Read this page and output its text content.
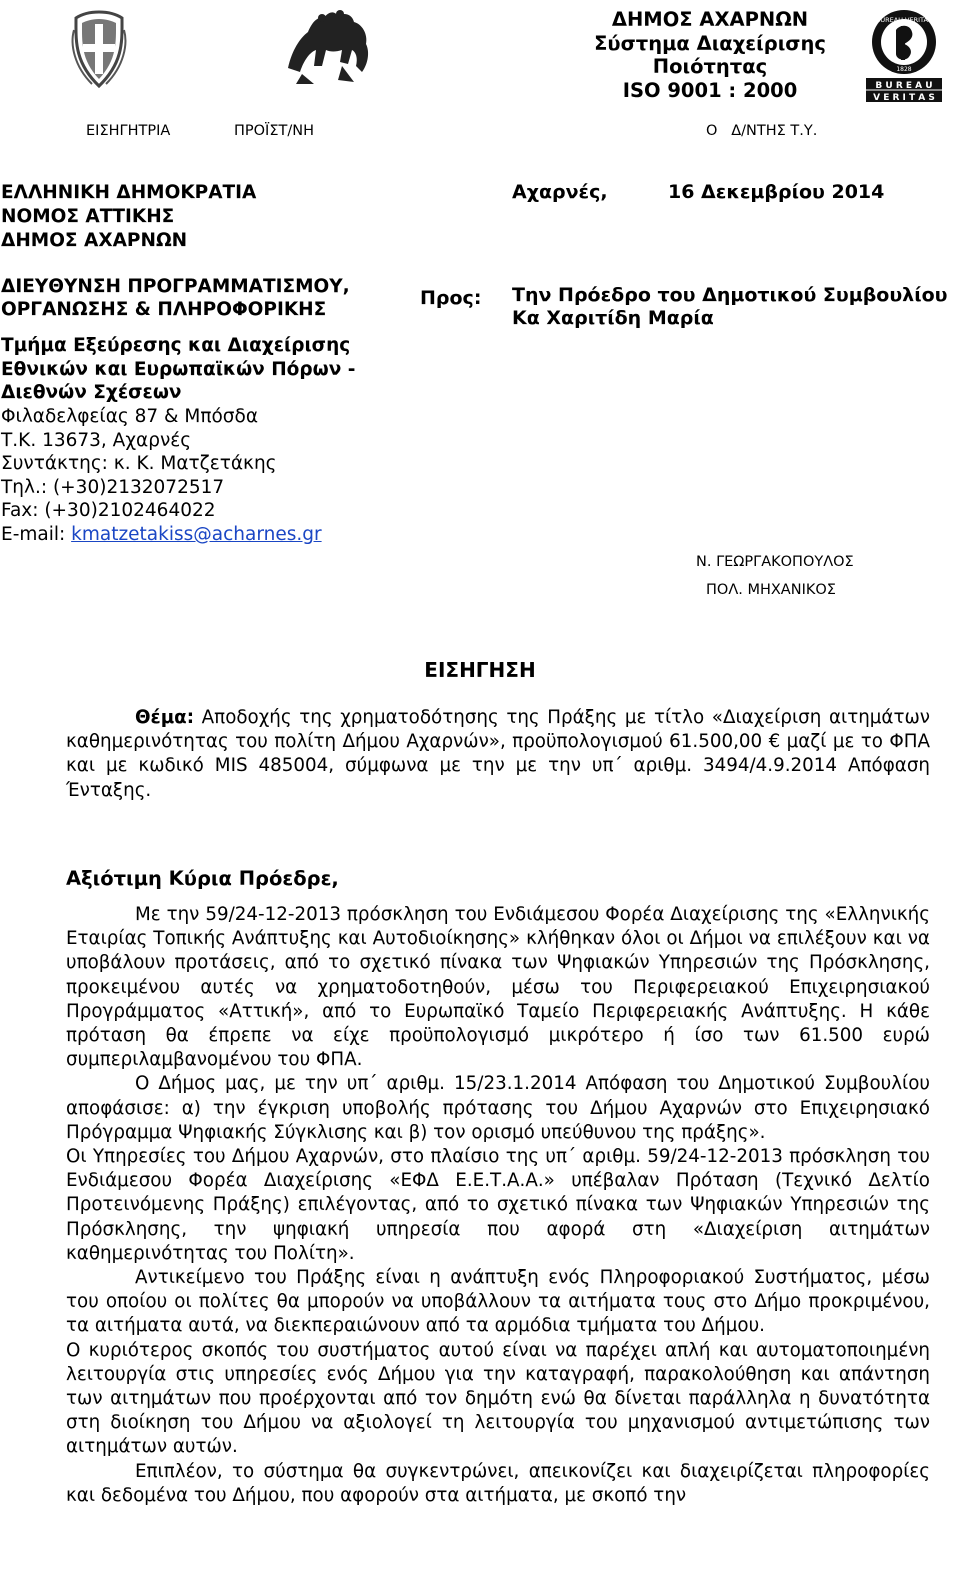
ΔΗΜΟΣ ΑΧΑΡΝΩΝ
Σύστημα Διαχείρισης
Ποιότητας
ISO 9001 : 2000
BUREAU VERITAS
1828
B U R E A U
V E R I T A S
ΕΙΣΗΓΗΤΡΙΑ	ΠΡΟΪΣΤ/ΝΗ	Ο   Δ/ΝΤΗΣ Τ.Υ.
ΕΛΛΗΝΙΚΗ ΔΗΜΟΚΡΑΤΙΑ
ΝΟΜΟΣ ΑΤΤΙΚΗΣ
ΔΗΜΟΣ ΑΧΑΡΝΩΝ
ΔΙΕΥΘΥΝΣΗ ΠΡΟΓΡΑΜΜΑΤΙΣΜΟΥ,
ΟΡΓΑΝΩΣΗΣ & ΠΛΗΡΟΦΟΡΙΚΗΣ
Τμήμα Εξεύρεσης και Διαχείρισης
Εθνικών και Ευρωπαϊκών Πόρων -
Διεθνών Σχέσεων
Φιλαδελφείας 87 & Μπόσδα
Τ.Κ. 13673, Αχαρνές
Συντάκτης: κ. Κ. Ματζετάκης
Τηλ.: (+30)2132072517
Fax: (+30)2102464022
E-mail: kmatzetakiss@acharnes.gr
Αχαρνές,	16 Δεκεμβρίου 2014
Προς: Την Πρόεδρο του Δημοτικού Συμβουλίου
Κα Χαριτίδη Μαρία
Ν. ΓΕΩΡΓΑΚΟΠΟΥΛΟΣ
ΠΟΛ. ΜΗΧΑΝΙΚΟΣ
ΕΙΣΗΓΗΣΗ

Θέμα: Αποδοχής της χρηματοδότησης της Πράξης με τίτλο «Διαχείριση αιτημάτων καθημερινότητας του πολίτη Δήμου Αχαρνών», προϋπολογισμού 61.500,00 € μαζί με το ΦΠΑ και με κωδικό MIS 485004, σύμφωνα με την με την υπ΄ αριθμ. 3494/4.9.2014 Απόφαση Ένταξης.

Αξιότιμη Κύρια Πρόεδρε,

Με την 59/24-12-2013 πρόσκληση του Ενδιάμεσου Φορέα Διαχείρισης της «Ελληνικής Εταιρίας Τοπικής Ανάπτυξης και Αυτοδιοίκησης» κλήθηκαν όλοι οι Δήμοι να επιλέξουν και να υποβάλουν προτάσεις, από το σχετικό πίνακα των Ψηφιακών Υπηρεσιών της Πρόσκλησης, προκειμένου αυτές να χρηματοδοτηθούν, μέσω του Περιφερειακού Επιχειρησιακού Προγράμματος «Αττική», από το Ευρωπαϊκό Ταμείο Περιφερειακής Ανάπτυξης. Η κάθε πρόταση θα έπρεπε να είχε προϋπολογισμό μικρότερο ή ίσο των 61.500 ευρώ συμπεριλαμβανομένου του ΦΠΑ.

Ο Δήμος μας, με την υπ΄ αριθμ. 15/23.1.2014 Απόφαση του Δημοτικού Συμβουλίου αποφάσισε: α) την έγκριση υποβολής πρότασης του Δήμου Αχαρνών στο Επιχειρησιακό Πρόγραμμα Ψηφιακής Σύγκλισης και β) τον ορισμό υπεύθυνου της πράξης».

Οι Υπηρεσίες του Δήμου Αχαρνών, στο πλαίσιο της υπ΄ αριθμ. 59/24-12-2013 πρόσκληση του Ενδιάμεσου Φορέα Διαχείρισης «ΕΦΔ Ε.Ε.Τ.Α.Α.» υπέβαλαν Πρόταση (Τεχνικό Δελτίο Προτεινόμενης Πράξης) επιλέγοντας, από το σχετικό πίνακα των Ψηφιακών Υπηρεσιών της Πρόσκλησης, την ψηφιακή υπηρεσία που αφορά στη «Διαχείριση αιτημάτων καθημερινότητας του Πολίτη».

Αντικείμενο του Πράξης είναι η ανάπτυξη ενός Πληροφοριακού Συστήματος, μέσω του οποίου οι πολίτες θα μπορούν να υποβάλλουν τα αιτήματα τους στο Δήμο προκριμένου, τα αιτήματα αυτά, να διεκπεραιώνουν από τα αρμόδια τμήματα του Δήμου.

Ο κυριότερος σκοπός του συστήματος αυτού είναι να παρέχει απλή και αυτοματοποιημένη λειτουργία στις υπηρεσίες ενός Δήμου για την καταγραφή, παρακολούθηση και απάντηση των αιτημάτων που προέρχονται από τον δημότη ενώ θα δίνεται παράλληλα η δυνατότητα στη διοίκηση του Δήμου να αξιολογεί τη λειτουργία του μηχανισμού αντιμετώπισης των αιτημάτων αυτών.

Επιπλέον, το σύστημα θα συγκεντρώνει, απεικονίζει και διαχειρίζεται πληροφορίες και δεδομένα του Δήμου, που αφορούν στα αιτήματα, με σκοπό την
